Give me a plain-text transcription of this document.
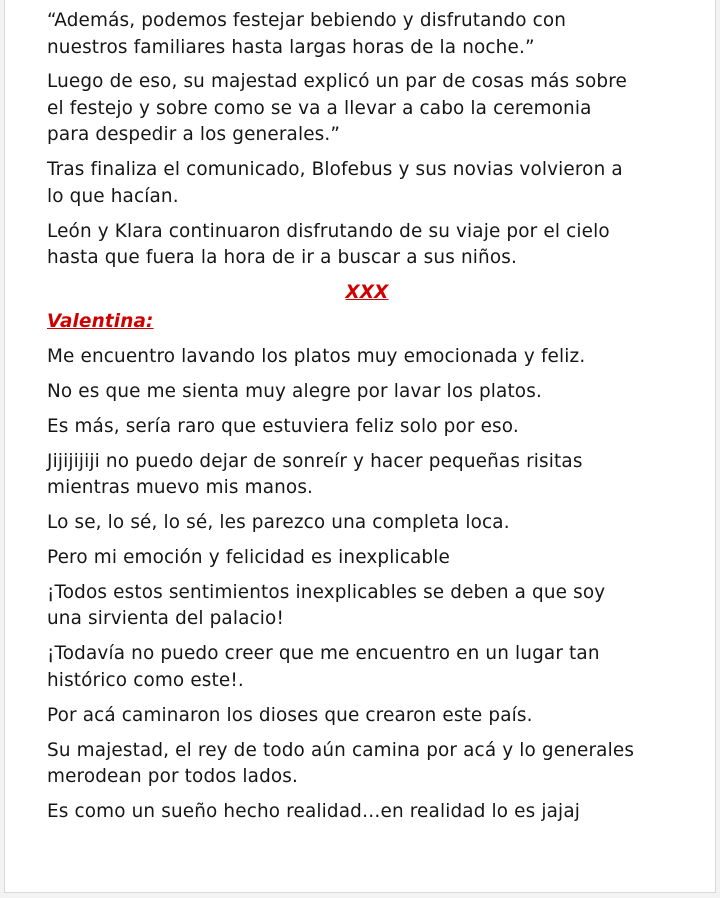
“Además, podemos festejar bebiendo y disfrutando con
nuestros familiares hasta largas horas de la noche.”

Luego de eso, su majestad explicó un par de cosas más sobre
el festejo y sobre como se va a llevar a cabo la ceremonia
para despedir a los generales.”

Tras finaliza el comunicado, Blofebus y sus novias volvieron a
lo que hacían.

León y Klara continuaron disfrutando de su viaje por el cielo
hasta que fuera la hora de ir a buscar a sus niños.

XXX
Valentina:

Me encuentro lavando los platos muy emocionada y feliz.

No es que me sienta muy alegre por lavar los platos.

Es más, sería raro que estuviera feliz solo por eso.

Jijijijiji no puedo dejar de sonreír y hacer pequeñas risitas
mientras muevo mis manos.

Lo se, lo sé, lo sé, les parezco una completa loca.

Pero mi emoción y felicidad es inexplicable

¡Todos estos sentimientos inexplicables se deben a que soy
una sirvienta del palacio!

¡Todavía no puedo creer que me encuentro en un lugar tan
histórico como este!.

Por acá caminaron los dioses que crearon este país.

Su majestad, el rey de todo aún camina por acá y lo generales
merodean por todos lados.

Es como un sueño hecho realidad…en realidad lo es jajaj
